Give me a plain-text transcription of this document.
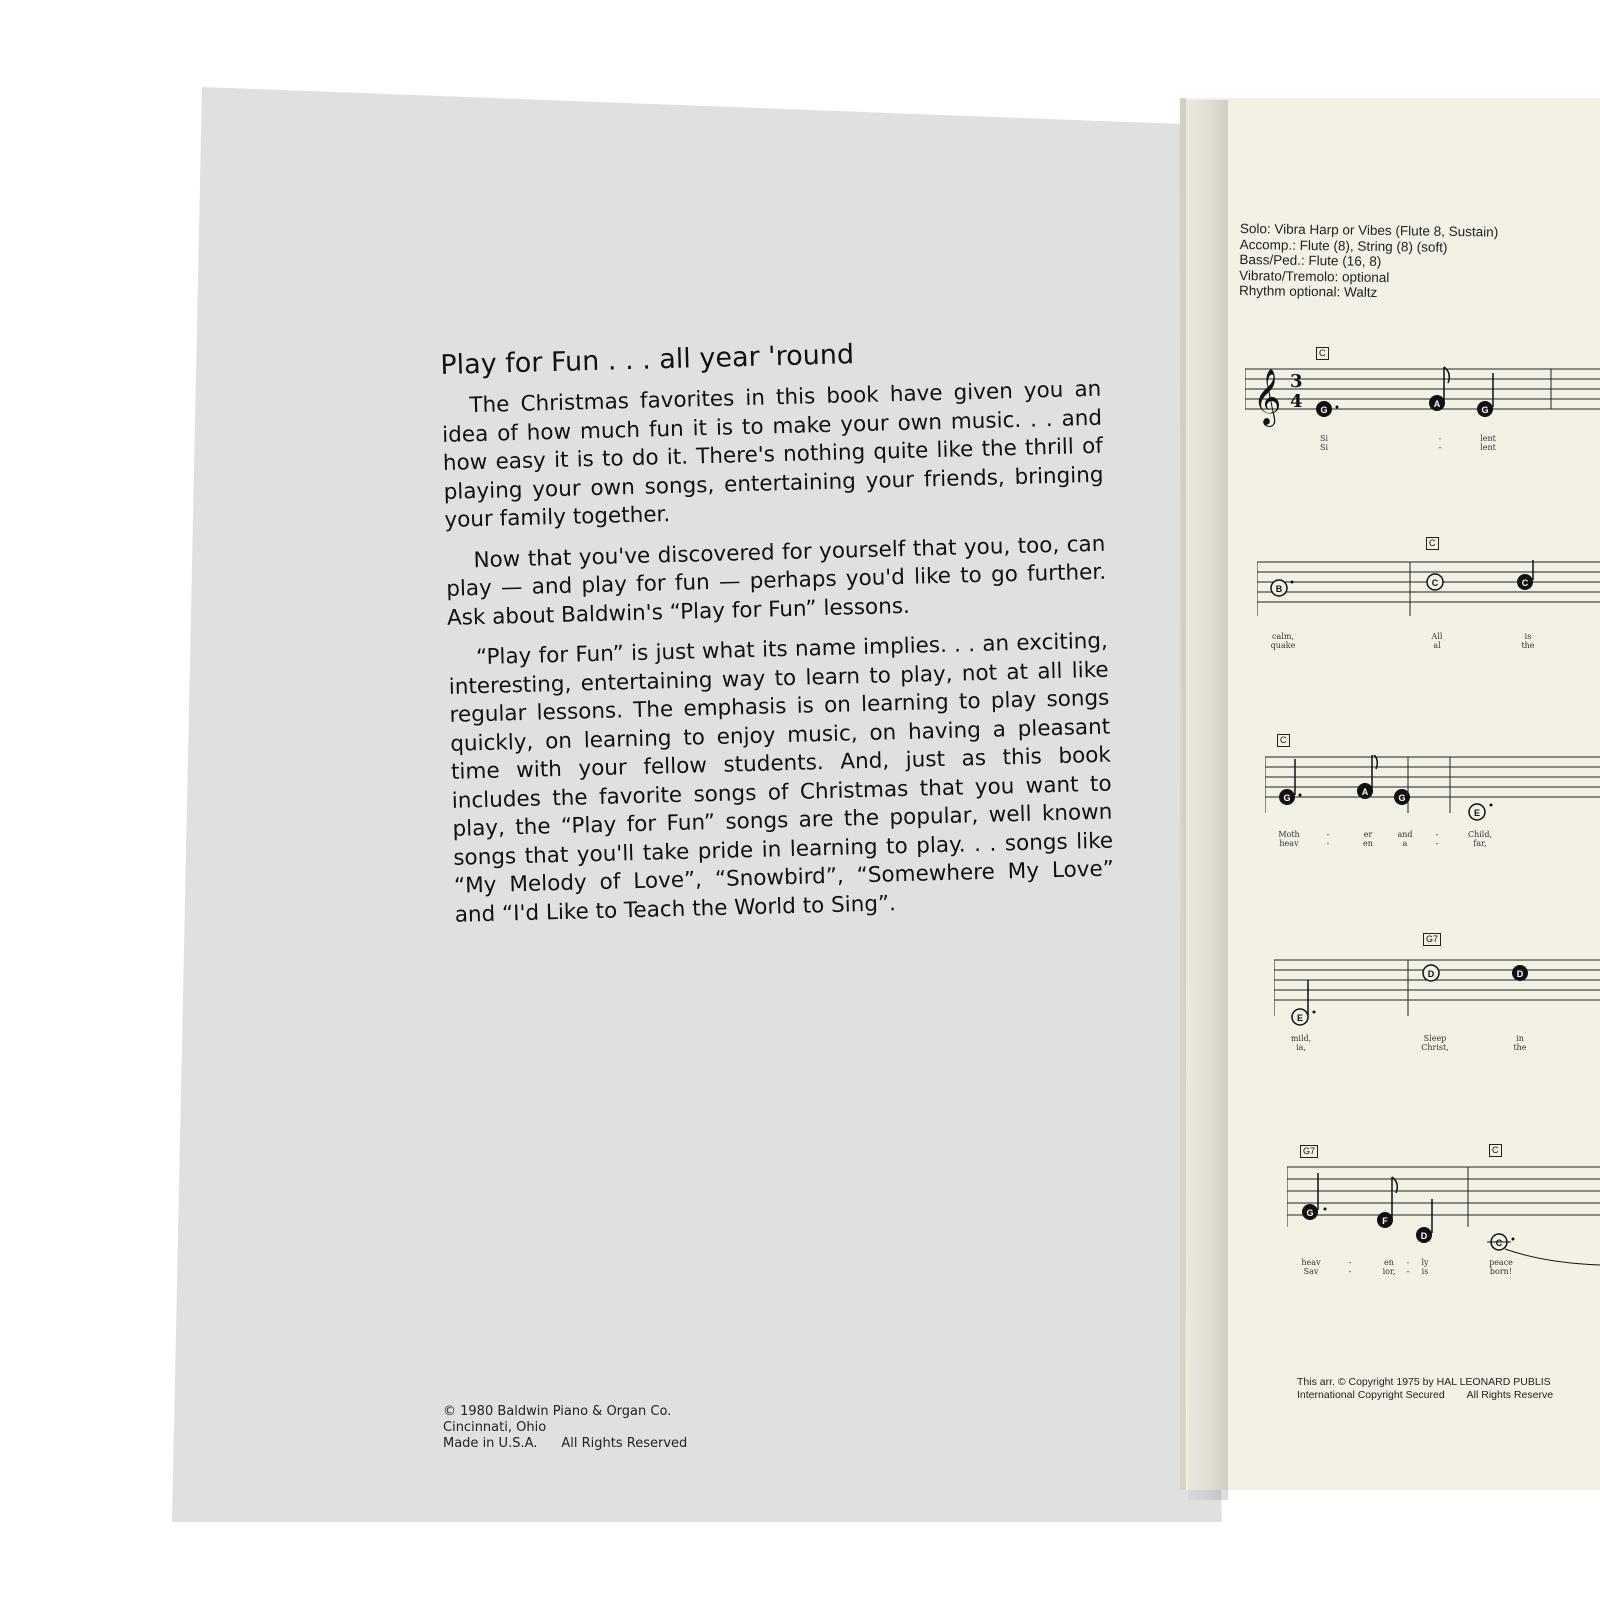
Play for Fun . . . all year 'round

The Christmas favorites in this book have given you an idea of how much fun it is to make your own music. . . and how easy it is to do it. There's nothing quite like the thrill of playing your own songs, entertaining your friends, bringing your family together.

Now that you've discovered for yourself that you, too, can play — and play for fun — perhaps you'd like to go further. Ask about Baldwin's “Play for Fun” lessons.

“Play for Fun” is just what its name implies. . . an exciting, interesting, entertaining way to learn to play, not at all like regular lessons. The emphasis is on learning to play songs quickly, on learning to enjoy music, on having a pleasant time with your fellow students. And, just as this book includes the favorite songs of Christmas that you want to play, the “Play for Fun” songs are the popular, well known songs that you'll take pride in learning to play. . . songs like “My Melody of Love”, “Snowbird”, “Somewhere My Love” and “I'd Like to Teach the World to Sing”.

© 1980 Baldwin Piano & Organ Co.
Cincinnati, Ohio
Made in U.S.A. All Rights Reserved
Solo: Vibra Harp or Vibes (Flute 8, Sustain)
Accomp.: Flute (8), String (8) (soft)
Bass/Ped.: Flute (16, 8)
Vibrato/Tremolo: optional
Rhythm optional: Waltz
𝄞 3
4 G
A
G
C
Si
Si
-
-
lent
lent
B
C	C
C
calm,
quake
All
al
is
the
G
A
G
E
C
Moth
heav
-
-
er
en
and
a
-
-
Child,
far,
E
D	D
G7
mild,
ia,
Sleep
Christ,
in
the
G
F
D
C
G7	C
heav
Sav
-
-
en
ior,
-
-
ly
is
peace
born!
This arr. © Copyright 1975 by HAL LEONARD PUBLIS
International Copyright Secured All Rights Reserve
